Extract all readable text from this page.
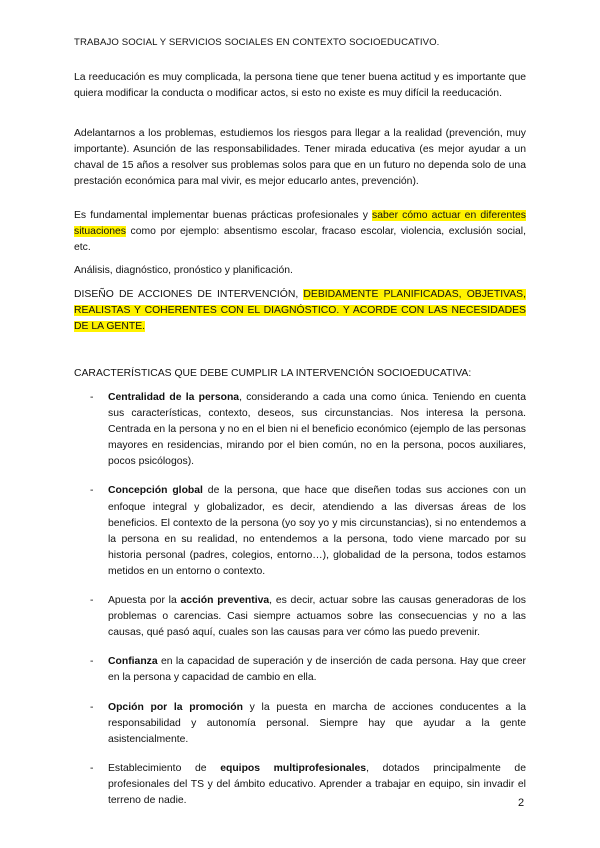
TRABAJO SOCIAL Y SERVICIOS SOCIALES EN CONTEXTO SOCIOEDUCATIVO.

La reeducación es muy complicada, la persona tiene que tener buena actitud y es importante que quiera modificar la conducta o modificar actos, si esto no existe es muy difícil la reeducación.

Adelantarnos a los problemas, estudiemos los riesgos para llegar a la realidad (prevención, muy importante). Asunción de las responsabilidades. Tener mirada educativa (es mejor ayudar a un chaval de 15 años a resolver sus problemas solos para que en un futuro no dependa solo de una prestación económica para mal vivir, es mejor educarlo antes, prevención).

Es fundamental implementar buenas prácticas profesionales y saber cómo actuar en diferentes situaciones como por ejemplo: absentismo escolar, fracaso escolar, violencia, exclusión social, etc.

Análisis, diagnóstico, pronóstico y planificación.

DISEÑO DE ACCIONES DE INTERVENCIÓN, DEBIDAMENTE PLANIFICADAS, OBJETIVAS, REALISTAS Y COHERENTES CON EL DIAGNÓSTICO. Y ACORDE CON LAS NECESIDADES DE LA GENTE.

CARACTERÍSTICAS QUE DEBE CUMPLIR LA INTERVENCIÓN SOCIOEDUCATIVA:

- Centralidad de la persona, considerando a cada una como única. Teniendo en cuenta sus características, contexto, deseos, sus circunstancias. Nos interesa la persona. Centrada en la persona y no en el bien ni el beneficio económico (ejemplo de las personas mayores en residencias, mirando por el bien común, no en la persona, pocos auxiliares, pocos psicólogos).
- Concepción global de la persona, que hace que diseñen todas sus acciones con un enfoque integral y globalizador, es decir, atendiendo a las diversas áreas de los beneficios. El contexto de la persona (yo soy yo y mis circunstancias), si no entendemos a la persona en su realidad, no entendemos a la persona, todo viene marcado por su historia personal (padres, colegios, entorno…), globalidad de la persona, todos estamos metidos en un entorno o contexto.
- Apuesta por la acción preventiva, es decir, actuar sobre las causas generadoras de los problemas o carencias. Casi siempre actuamos sobre las consecuencias y no a las causas, qué pasó aquí, cuales son las causas para ver cómo las puedo prevenir.
- Confianza en la capacidad de superación y de inserción de cada persona. Hay que creer en la persona y capacidad de cambio en ella.
- Opción por la promoción y la puesta en marcha de acciones conducentes a la responsabilidad y autonomía personal. Siempre hay que ayudar a la gente asistencialmente.
- Establecimiento de equipos multiprofesionales, dotados principalmente de profesionales del TS y del ámbito educativo. Aprender a trabajar en equipo, sin invadir el terreno de nadie.	2
